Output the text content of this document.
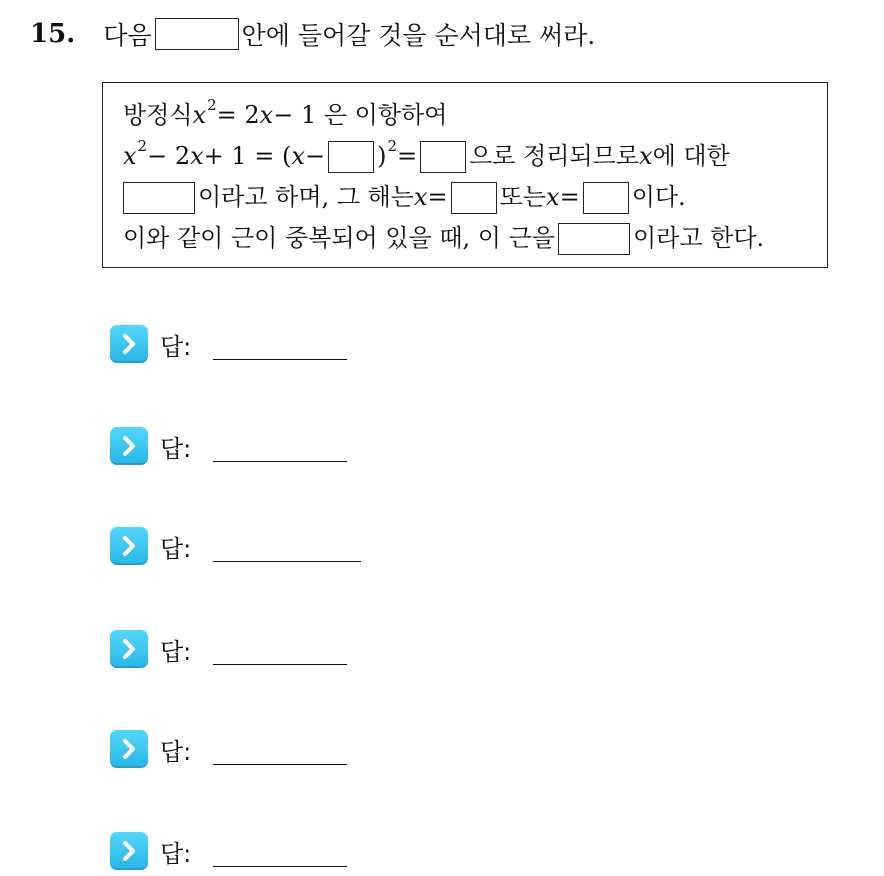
15. 다음	안에 들어갈 것을 순서대로 써라.
방정식 x 2 = 2 x − 1 은 이항하여
x 2 − 2 x + 1 = ( x − ) 2 = 으로 정리되므로 x 에 대한
이라고 하며, 그 해는 x = 또는 x = 이다.
이와 같이 근이 중복되어 있을 때, 이 근을	이라고 한다.
답:
답:
답:
답:
답:
답:
